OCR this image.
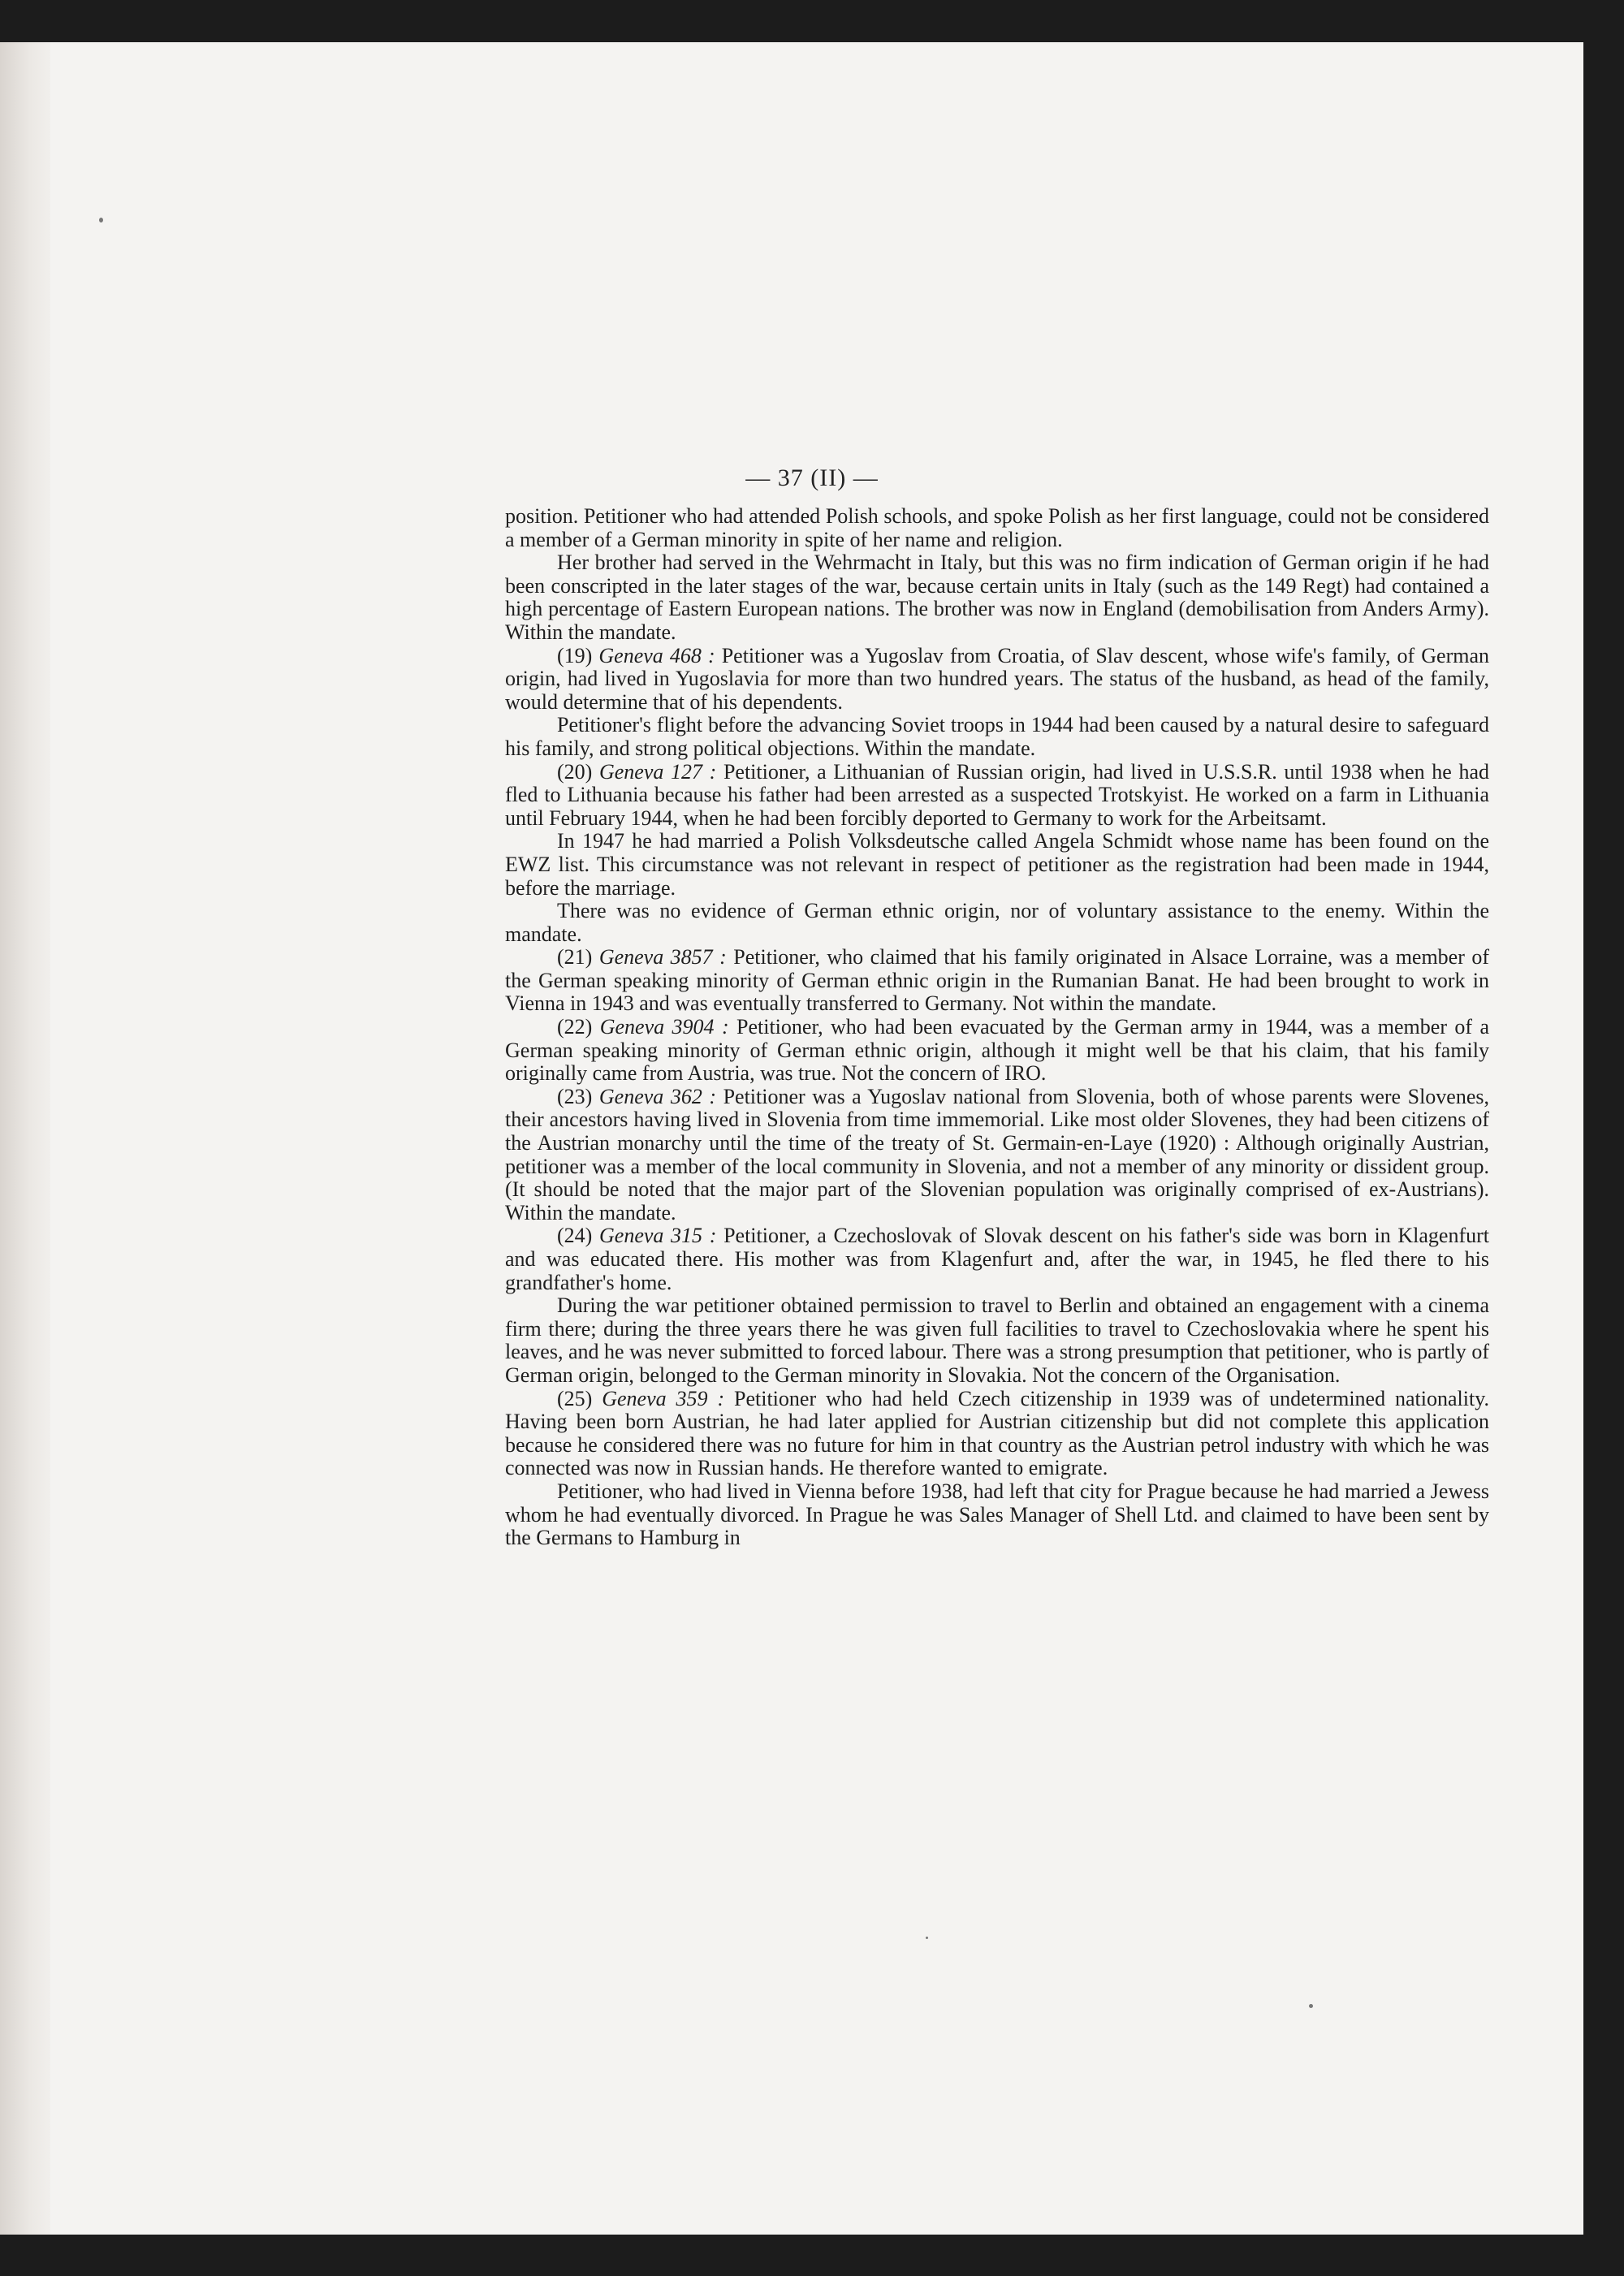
— 37 (II) —

position. Petitioner who had attended Polish schools, and spoke Polish as her first language, could not be considered a member of a German minority in spite of her name and religion.

Her brother had served in the Wehrmacht in Italy, but this was no firm indication of German origin if he had been conscripted in the later stages of the war, because certain units in Italy (such as the 149 Regt) had contained a high percentage of Eastern European nations. The brother was now in England (demobilisation from Anders Army). Within the mandate.

(19) Geneva 468 : Petitioner was a Yugoslav from Croatia, of Slav descent, whose wife's family, of German origin, had lived in Yugoslavia for more than two hundred years. The status of the husband, as head of the family, would determine that of his dependents.

Petitioner's flight before the advancing Soviet troops in 1944 had been caused by a natural desire to safeguard his family, and strong political objections. Within the mandate.

(20) Geneva 127 : Petitioner, a Lithuanian of Russian origin, had lived in U.S.S.R. until 1938 when he had fled to Lithuania because his father had been arrested as a suspected Trotskyist. He worked on a farm in Lithuania until February 1944, when he had been forcibly deported to Germany to work for the Arbeitsamt.

In 1947 he had married a Polish Volksdeutsche called Angela Schmidt whose name has been found on the EWZ list. This circumstance was not relevant in respect of petitioner as the registration had been made in 1944, before the marriage.

There was no evidence of German ethnic origin, nor of voluntary assistance to the enemy. Within the mandate.

(21) Geneva 3857 : Petitioner, who claimed that his family originated in Alsace Lorraine, was a member of the German speaking minority of German ethnic origin in the Rumanian Banat. He had been brought to work in Vienna in 1943 and was eventually transferred to Germany. Not within the mandate.

(22) Geneva 3904 : Petitioner, who had been evacuated by the German army in 1944, was a member of a German speaking minority of German ethnic origin, although it might well be that his claim, that his family originally came from Austria, was true. Not the concern of IRO.

(23) Geneva 362 : Petitioner was a Yugoslav national from Slovenia, both of whose parents were Slovenes, their ancestors having lived in Slovenia from time immemorial. Like most older Slovenes, they had been citizens of the Austrian monarchy until the time of the treaty of St. Germain-en-Laye (1920) : Although originally Austrian, petitioner was a member of the local community in Slovenia, and not a member of any minority or dissident group. (It should be noted that the major part of the Slovenian population was originally comprised of ex-Austrians). Within the mandate.

(24) Geneva 315 : Petitioner, a Czechoslovak of Slovak descent on his father's side was born in Klagenfurt and was educated there. His mother was from Klagenfurt and, after the war, in 1945, he fled there to his grandfather's home.

During the war petitioner obtained permission to travel to Berlin and obtained an engagement with a cinema firm there; during the three years there he was given full facilities to travel to Czechoslovakia where he spent his leaves, and he was never submitted to forced labour. There was a strong presumption that petitioner, who is partly of German origin, belonged to the German minority in Slovakia. Not the concern of the Organisation.

(25) Geneva 359 : Petitioner who had held Czech citizenship in 1939 was of undetermined nationality. Having been born Austrian, he had later applied for Austrian citizenship but did not complete this application because he considered there was no future for him in that country as the Austrian petrol industry with which he was connected was now in Russian hands. He therefore wanted to emigrate.

Petitioner, who had lived in Vienna before 1938, had left that city for Prague because he had married a Jewess whom he had eventually divorced. In Prague he was Sales Manager of Shell Ltd. and claimed to have been sent by the Germans to Hamburg in
